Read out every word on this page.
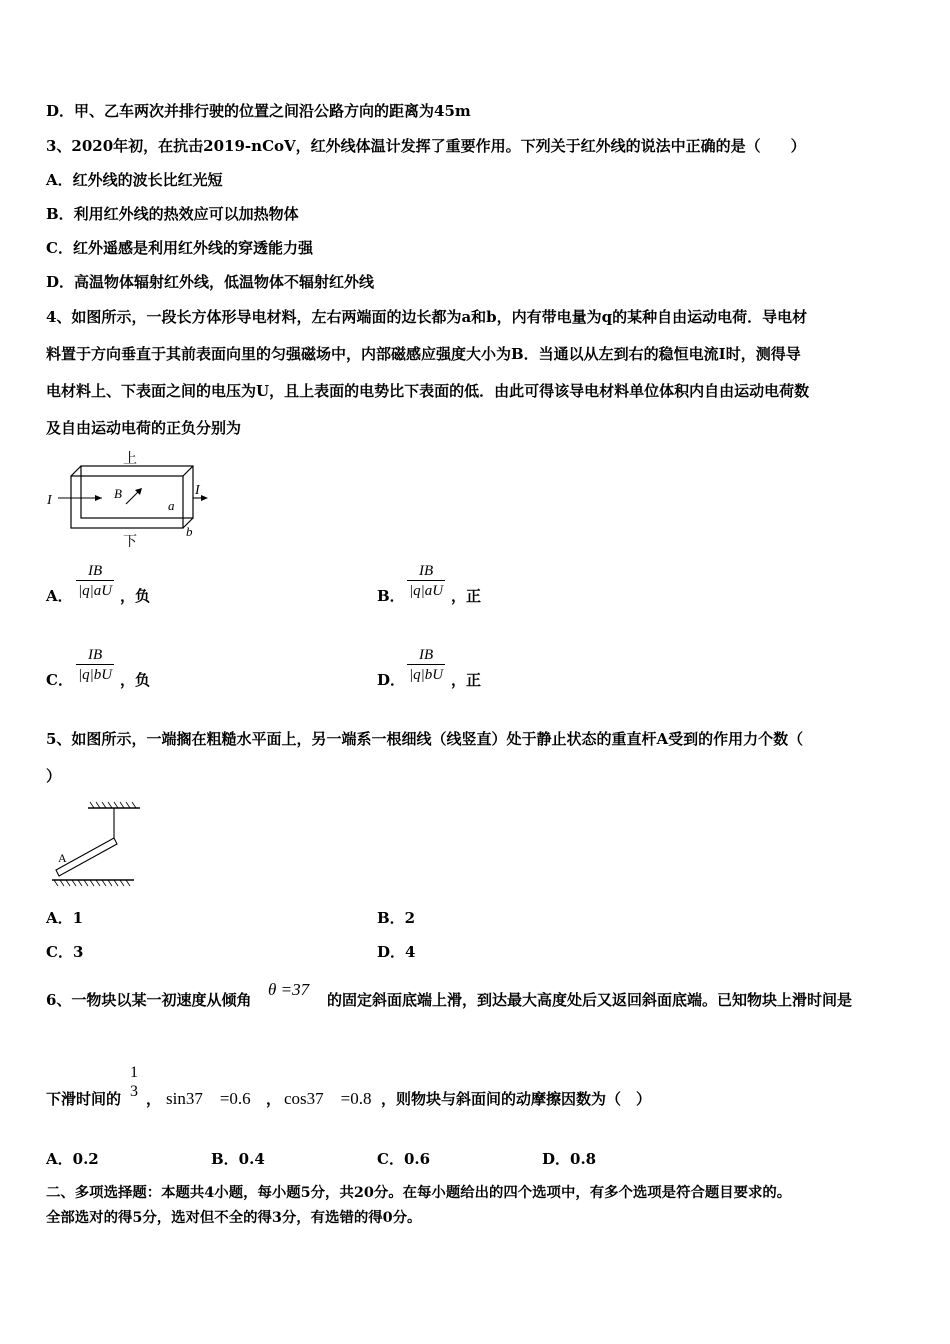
D．甲、乙车两次并排行驶的位置之间沿公路方向的距离为45m
3、2020年初，在抗击2019-nCoV，红外线体温计发挥了重要作用。下列关于红外线的说法中正确的是（　　）
A．红外线的波长比红光短
B．利用红外线的热效应可以加热物体
C．红外遥感是利用红外线的穿透能力强
D．高温物体辐射红外线，低温物体不辐射红外线
4、如图所示，一段长方体形导电材料，左右两端面的边长都为a和b，内有带电量为q的某种自由运动电荷．导电材
料置于方向垂直于其前表面向里的匀强磁场中，内部磁感应强度大小为B．当通以从左到右的稳恒电流I时，测得导
电材料上、下表面之间的电压为U，且上表面的电势比下表面的低．由此可得该导电材料单位体积内自由运动电荷数
及自由运动电荷的正负分别为
上
下
I
I
B
a
b
A． $\frac{IB}{|q|aU}$ ，负	B． $\frac{IB}{|q|aU}$ ，正
C． $\frac{IB}{|q|bU}$ ，负	D． $\frac{IB}{|q|bU}$ ，正
5、如图所示，一端搁在粗糙水平面上，另一端系一根细线（线竖直）处于静止状态的重直杆A受到的作用力个数（
）
A
A．1	B．2
C．3	D．4
6、一物块以某一初速度从倾角
θ =37
的固定斜面底端上滑，到达最大高度处后又返回斜面底端。已知物块上滑时间是
下滑时间的
1
3 ， sin37　=0.6 ， cos37　=0.8 ，则物块与斜面间的动摩擦因数为（　）
A．0.2	B．0.4	C．0.6	D．0.8
二、多项选择题：本题共4小题，每小题5分，共20分。在每小题给出的四个选项中，有多个选项是符合题目要求的。
全部选对的得5分，选对但不全的得3分，有选错的得0分。
